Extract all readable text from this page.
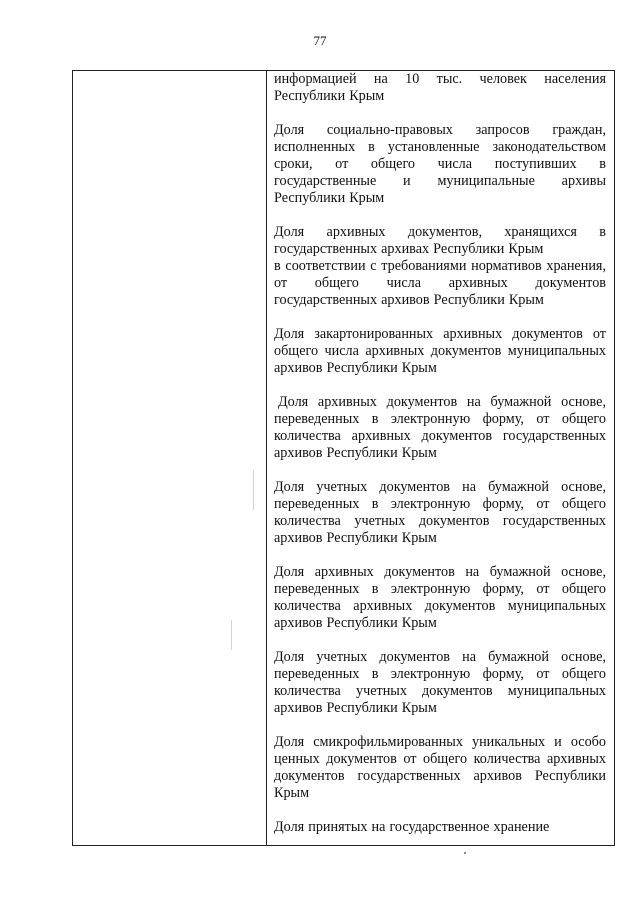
77

информацией на 10 тыс. человек населения Республики Крым

Доля социально-правовых запросов граждан, исполненных в установленные законодательством сроки, от общего числа поступивших в государственные и муниципальные архивы Республики Крым

Доля архивных документов, хранящихся в государственных архивах Республики Крым

в соответствии с требованиями нормативов хранения, от общего числа архивных документов государственных архивов Республики Крым

Доля закартонированных архивных документов от общего числа архивных документов муниципальных архивов Республики Крым

Доля архивных документов на бумажной основе, переведенных в электронную форму, от общего количества архивных документов государственных архивов Республики Крым

Доля учетных документов на бумажной основе, переведенных в электронную форму, от общего количества учетных документов государственных архивов Республики Крым

Доля архивных документов на бумажной основе, переведенных в электронную форму, от общего количества архивных документов муниципальных архивов Республики Крым

Доля учетных документов на бумажной основе, переведенных в электронную форму, от общего количества учетных документов муниципальных архивов Республики Крым

Доля смикрофильмированных уникальных и особо ценных документов от общего количества архивных документов государственных архивов Республики Крым

Доля принятых на государственное хранение
